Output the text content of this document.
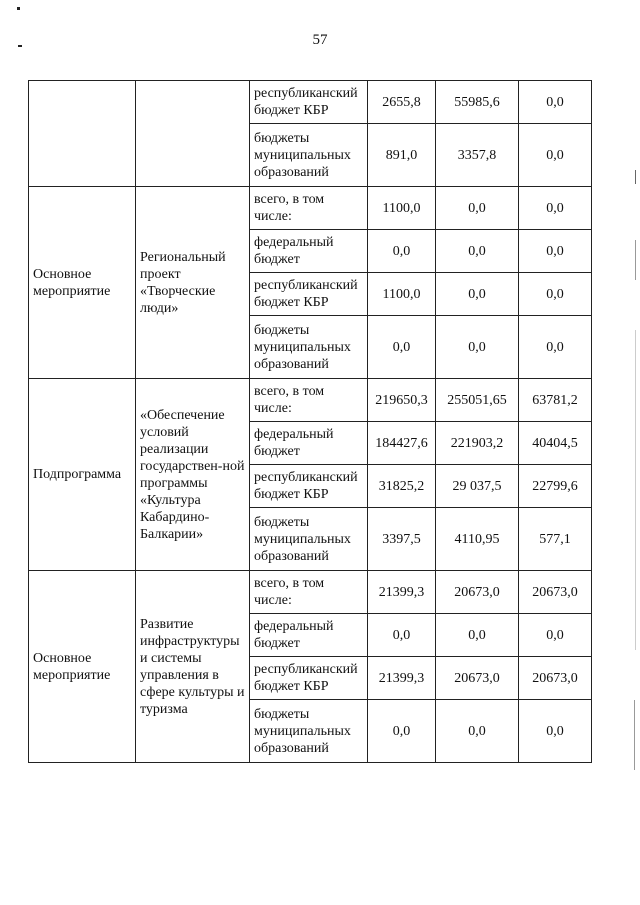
57
		республиканский бюджет КБР	2655,8	55985,6	0,0
		бюджеты муниципальных образований	891,0	3357,8	0,0
Основное мероприятие	Региональный проект «Творческие люди»	всего, в том числе:	1100,0	0,0	0,0
		федеральный бюджет	0,0	0,0	0,0
		республиканский бюджет КБР	1100,0	0,0	0,0
		бюджеты муниципальных образований	0,0	0,0	0,0
Подпрограмма	«Обеспечение условий реализации государствен-ной программы «Культура Кабардино-Балкарии»	всего, в том числе:	219650,3	255051,65	63781,2
		федеральный бюджет	184427,6	221903,2	40404,5
		республиканский бюджет КБР	31825,2	29 037,5	22799,6
		бюджеты муниципальных образований	3397,5	4110,95	577,1
Основное мероприятие	Развитие инфраструктуры и системы управления в сфере культуры и туризма	всего, в том числе:	21399,3	20673,0	20673,0
		федеральный бюджет	0,0	0,0	0,0
		республиканский бюджет КБР	21399,3	20673,0	20673,0
		бюджеты муниципальных образований	0,0	0,0	0,0
